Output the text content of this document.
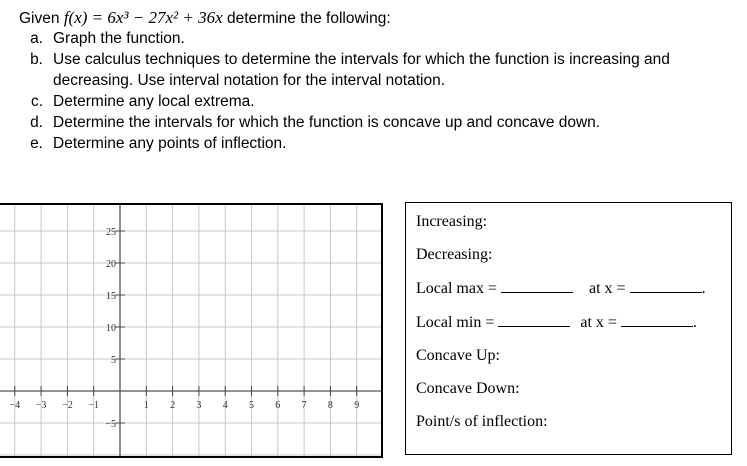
Given f(x) = 6x³ − 27x² + 36x determine the following:
a. Graph the function.
b. Use calculus techniques to determine the intervals for which the function is increasing and
decreasing. Use interval notation for the interval notation.
c. Determine any local extrema.
d. Determine the intervals for which the function is concave up and concave down.
e. Determine any points of inflection.
−4 −3 −2 −1	1 2 3 4 5 6 7 8 9
25
20
15
10
5
−5
Increasing:
Decreasing:
Local max =	at x =	.
Local min =	at x =	.
Concave Up:
Concave Down:
Point/s of inflection:
